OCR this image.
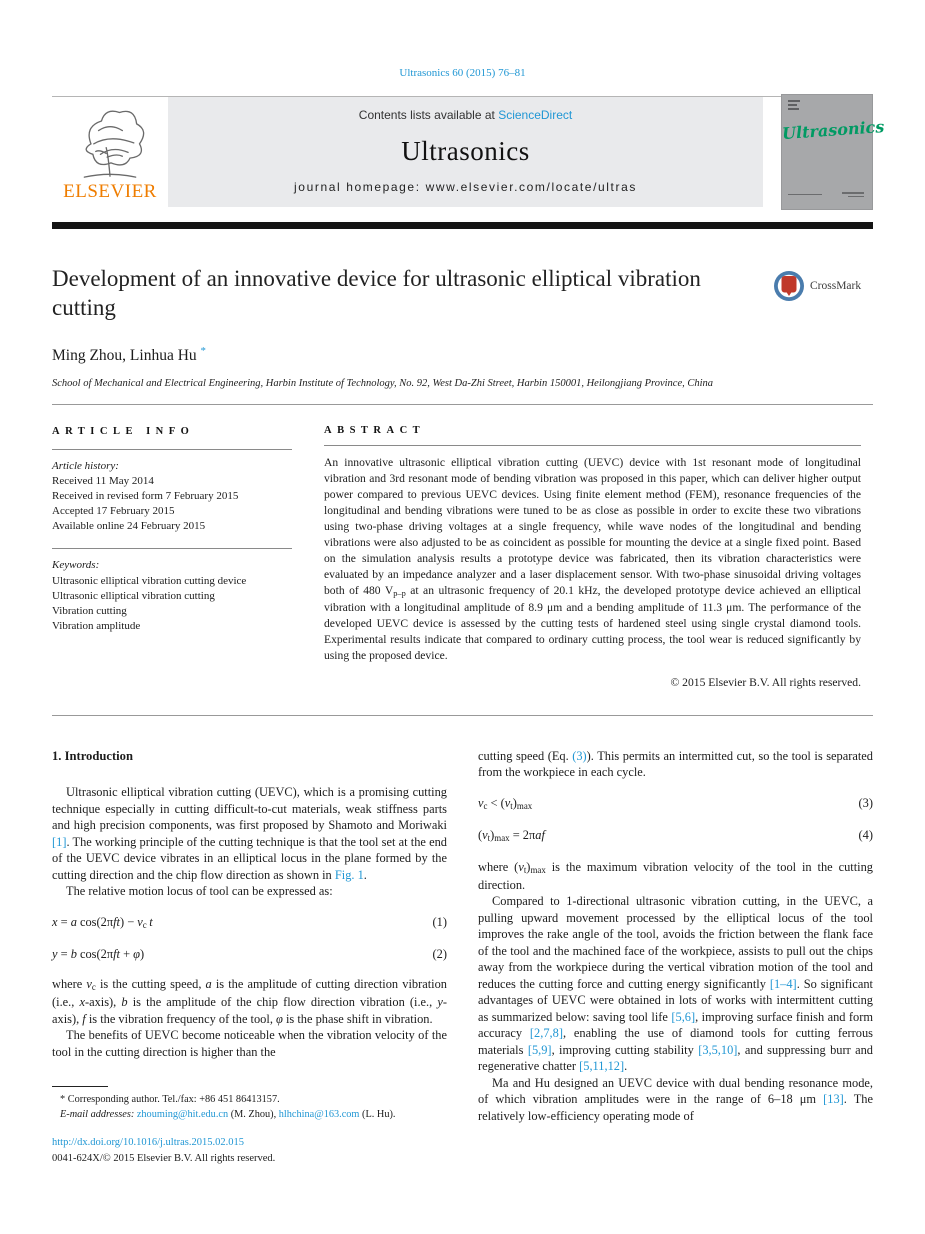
Ultrasonics 60 (2015) 76–81
ELSEVIER
Contents lists available at ScienceDirect
Ultrasonics
journal homepage: www.elsevier.com/locate/ultras
Ultrasonics
Development of an innovative device for ultrasonic elliptical vibration cutting
CrossMark
Ming Zhou, Linhua Hu *
School of Mechanical and Electrical Engineering, Harbin Institute of Technology, No. 92, West Da-Zhi Street, Harbin 150001, Heilongjiang Province, China
ARTICLE INFO
Article history:
Received 11 May 2014
Received in revised form 7 February 2015
Accepted 17 February 2015
Available online 24 February 2015
Keywords:
Ultrasonic elliptical vibration cutting device
Ultrasonic elliptical vibration cutting
Vibration cutting
Vibration amplitude
ABSTRACT
An innovative ultrasonic elliptical vibration cutting (UEVC) device with 1st resonant mode of longitudinal vibration and 3rd resonant mode of bending vibration was proposed in this paper, which can deliver higher output power compared to previous UEVC devices. Using finite element method (FEM), resonance frequencies of the longitudinal and bending vibrations were tuned to be as close as possible in order to excite these two vibrations using two-phase driving voltages at a single frequency, while wave nodes of the longitudinal and bending vibrations were also adjusted to be as coincident as possible for mounting the device at a single fixed point. Based on the simulation analysis results a prototype device was fabricated, then its vibration characteristics were evaluated by an impedance analyzer and a laser displacement sensor. With two-phase sinusoidal driving voltages both of 480 $V_{p-p}$ at an ultrasonic frequency of 20.1 kHz, the developed prototype device achieved an elliptical vibration with a longitudinal amplitude of 8.9 μm and a bending amplitude of 11.3 μm. The performance of the developed UEVC device is assessed by the cutting tests of hardened steel using single crystal diamond tools. Experimental results indicate that compared to ordinary cutting process, the tool wear is reduced significantly by using the proposed device.
© 2015 Elsevier B.V. All rights reserved.
1. Introduction

Ultrasonic elliptical vibration cutting (UEVC), which is a promising cutting technique especially in cutting difficult-to-cut materials, weak stiffness parts and high precision components, was first proposed by Shamoto and Moriwaki [1]. The working principle of the cutting technique is that the tool set at the end of the UEVC device vibrates in an elliptical locus in the plane formed by the cutting direction and the chip flow direction as shown in Fig. 1.

The relative motion locus of tool can be expressed as:

x = a $\cos(2\pi ft) - v_c$ t	(1)
y = b cos(2πft + φ)	(2)

where $v_c$ is the cutting speed, a is the amplitude of cutting direction vibration (i.e., x-axis), b is the amplitude of the chip flow direction vibration (i.e., y-axis), f is the vibration frequency of the tool, φ is the phase shift in vibration.

The benefits of UEVC become noticeable when the vibration velocity of the tool in the cutting direction is higher than the

cutting speed (Eq. (3)). This permits an intermitted cut, so the tool is separated from the workpiece in each cycle.

$v_c < (v_t)_{max}$	(3)
$(v_t)_{max} = 2\pi af$	(4)

where $(v_t)_{max}$ is the maximum vibration velocity of the tool in the cutting direction.

Compared to 1-directional ultrasonic vibration cutting, in the UEVC, a pulling upward movement processed by the elliptical locus of the tool improves the rake angle of the tool, avoids the friction between the flank face of the tool and the machined face of the workpiece, assists to pull out the chips away from the workpiece during the vertical vibration motion of the tool and reduces the cutting force and cutting energy significantly [1–4]. So significant advantages of UEVC were obtained in lots of works with intermittent cutting as summarized below: saving tool life [5,6], improving surface finish and form accuracy [2,7,8], enabling the use of diamond tools for cutting ferrous materials [5,9], improving cutting stability [3,5,10], and suppressing burr and regenerative chatter [5,11,12].

Ma and Hu designed an UEVC device with dual bending resonance mode, of which vibration amplitudes were in the range of 6–18 μm [13]. The relatively low-efficiency operating mode of

* Corresponding author. Tel./fax: +86 451 86413157.
E-mail addresses: zhouming@hit.edu.cn (M. Zhou), hlhchina@163.com (L. Hu).
http://dx.doi.org/10.1016/j.ultras.2015.02.015
0041-624X/© 2015 Elsevier B.V. All rights reserved.
